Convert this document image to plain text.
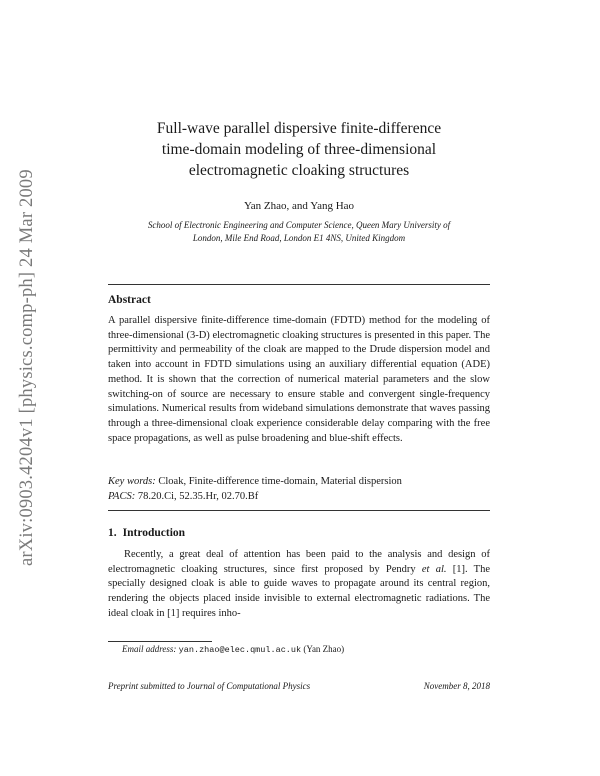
arXiv:0903.4204v1 [physics.comp-ph] 24 Mar 2009
Full-wave parallel dispersive finite-difference
time-domain modeling of three-dimensional
electromagnetic cloaking structures
Yan Zhao, and Yang Hao
School of Electronic Engineering and Computer Science, Queen Mary University of
London, Mile End Road, London E1 4NS, United Kingdom
Abstract
A parallel dispersive finite-difference time-domain (FDTD) method for the modeling of three-dimensional (3-D) electromagnetic cloaking structures is presented in this paper. The permittivity and permeability of the cloak are mapped to the Drude dispersion model and taken into account in FDTD simulations using an auxiliary differential equation (ADE) method. It is shown that the correction of numerical material parameters and the slow switching-on of source are necessary to ensure stable and convergent single-frequency simulations. Numerical results from wideband simulations demonstrate that waves passing through a three-dimensional cloak experience considerable delay comparing with the free space propagations, as well as pulse broadening and blue-shift effects.
Key words: Cloak, Finite-difference time-domain, Material dispersion
PACS: 78.20.Ci, 52.35.Hr, 02.70.Bf
1. Introduction
Recently, a great deal of attention has been paid to the analysis and design of electromagnetic cloaking structures, since first proposed by Pendry et al. [1]. The specially designed cloak is able to guide waves to propagate around its central region, rendering the objects placed inside invisible to external electromagnetic radiations. The ideal cloak in [1] requires inho-
Email address: yan.zhao@elec.qmul.ac.uk (Yan Zhao)
Preprint submitted to Journal of Computational Physics	November 8, 2018
